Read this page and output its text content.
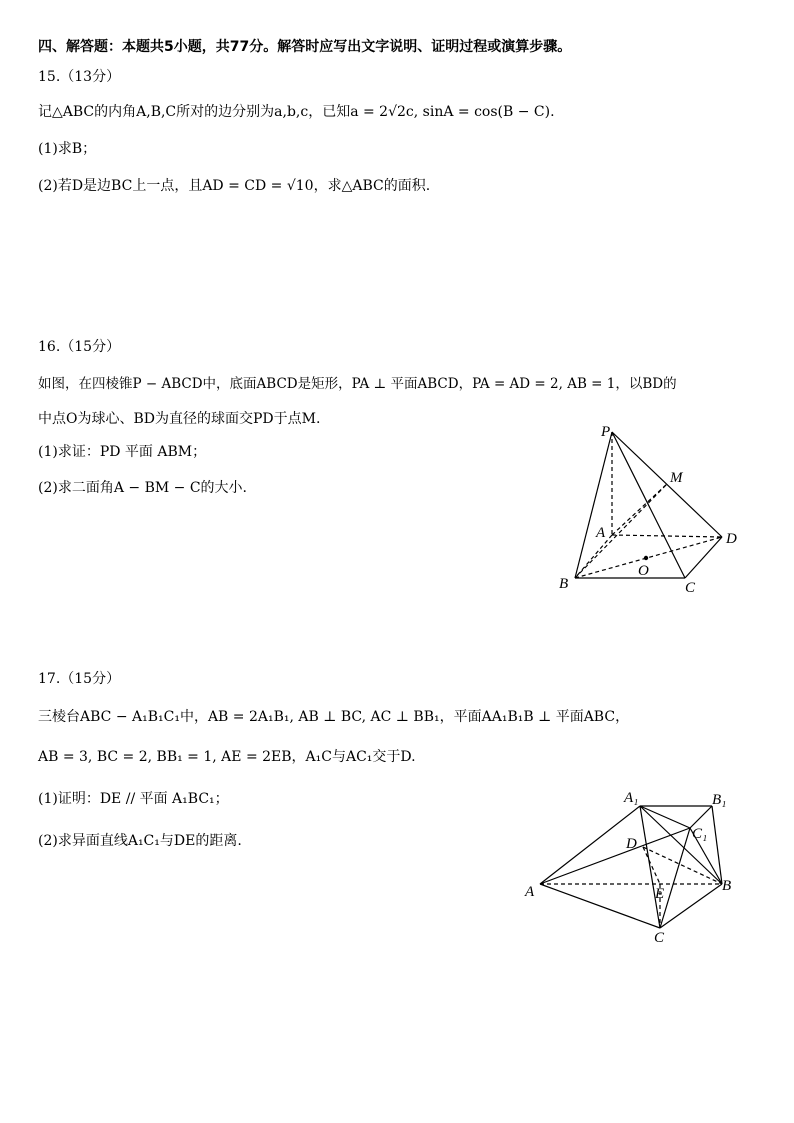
四、解答题：本题共5小题，共77分。解答时应写出文字说明、证明过程或演算步骤。
15.（13分）
记△ABC的内角A,B,C所对的边分别为a,b,c，已知a = 2√2c, sinA = cos(B − C).
(1)求B；
(2)若D是边BC上一点，且AD = CD = √10，求△ABC的面积.
16.（15分）
如图，在四棱锥P − ABCD中，底面ABCD是矩形，PA ⊥ 平面ABCD，PA = AD = 2, AB = 1，以BD的
中点O为球心、BD为直径的球面交PD于点M.
(1)求证：PD 平面 ABM；
(2)求二面角A − BM − C的大小.
P
M
A	D
O
B	C
17.（15分）
三棱台ABC − A₁B₁C₁中，AB = 2A₁B₁, AB ⊥ BC, AC ⊥ BB₁，平面AA₁B₁B ⊥ 平面ABC，
AB = 3, BC = 2, BB₁ = 1, AE = 2EB，A₁C与AC₁交于D.
(1)证明：DE // 平面 A₁BC₁；
(2)求异面直线A₁C₁与DE的距离.
A₁	B₁
C₁
D
A	E	B
C
